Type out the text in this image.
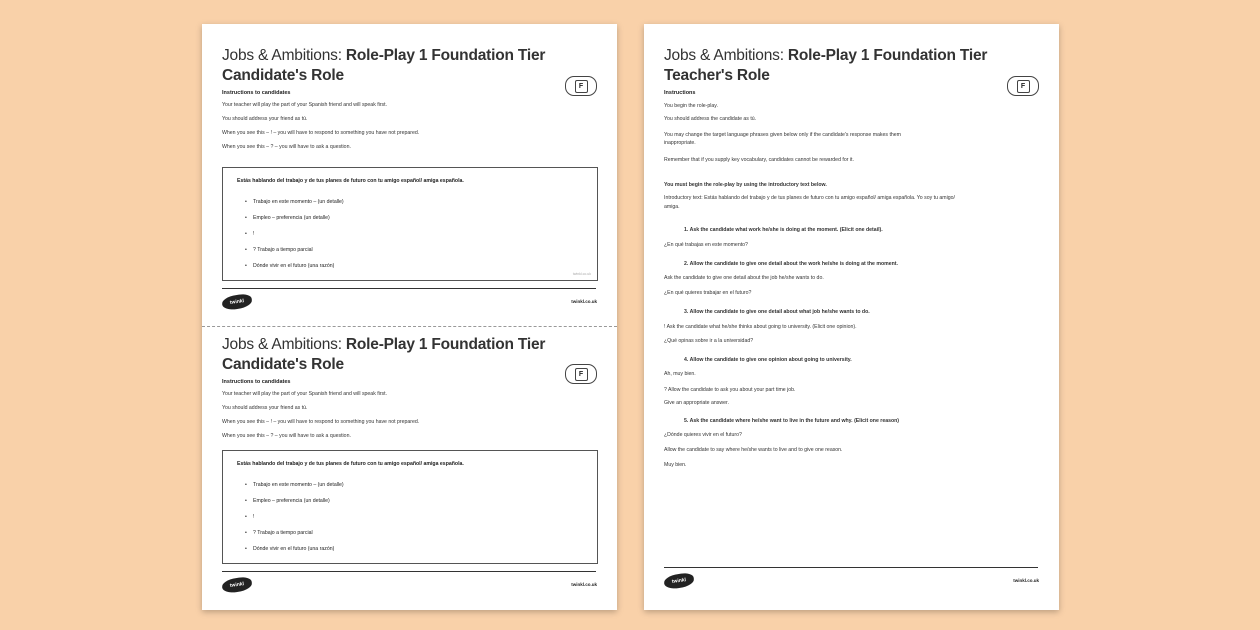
Jobs & Ambitions: Role-Play 1 Foundation Tier
Candidate's Role
F
Instructions to candidates
Your teacher will play the part of your Spanish friend and will speak first.
You should address your friend as tú.
When you see this – ! – you will have to respond to something you have not prepared.
When you see this – ? – you will have to ask a question.
Estás hablando del trabajo y de tus planes de futuro con tu amigo español/ amiga española.
• Trabajo en este momento – (un detalle)
• Empleo – preferencia (un detalle)
• !
• ? Trabajo a tiempo parcial
• Dónde vivir en el futuro (una razón)
twinkl.co.uk
twinkl	twinkl.co.uk
Jobs & Ambitions: Role-Play 1 Foundation Tier
Candidate's Role
F
Instructions to candidates
Your teacher will play the part of your Spanish friend and will speak first.
You should address your friend as tú.
When you see this – ! – you will have to respond to something you have not prepared.
When you see this – ? – you will have to ask a question.
Estás hablando del trabajo y de tus planes de futuro con tu amigo español/ amiga española.
• Trabajo en este momento – (un detalle)
• Empleo – preferencia (un detalle)
• !
• ? Trabajo a tiempo parcial
• Dónde vivir en el futuro (una razón)
twinkl	twinkl.co.uk
Jobs & Ambitions: Role-Play 1 Foundation Tier
Teacher's Role
F
Instructions
You begin the role-play.
You should address the candidate as tú.
You may change the target language phrases given below only if the candidate's response makes them
inappropriate.
Remember that if you supply key vocabulary, candidates cannot be rewarded for it.
You must begin the role-play by using the introductory text below.
Introductory text: Estás hablando del trabajo y de tus planes de futuro con tu amigo español/ amiga española. Yo soy tu amigo/
amiga.
1. Ask the candidate what work he/she is doing at the moment. (Elicit one detail).
¿En qué trabajas en este momento?
2. Allow the candidate to give one detail about the work he/she is doing at the moment.
Ask the candidate to give one detail about the job he/she wants to do.
¿En qué quieres trabajar en el futuro?
3. Allow the candidate to give one detail about what job he/she wants to do.
! Ask the candidate what he/she thinks about going to university. (Elicit one opinion).
¿Qué opinas sobre ir a la universidad?
4. Allow the candidate to give one opinion about going to university.
Ah, muy bien.
? Allow the candidate to ask you about your part time job.
Give an appropriate answer.
5. Ask the candidate where he/she want to live in the future and why. (Elicit one reason)
¿Dónde quieres vivir en el futuro?
Allow the candidate to say where he/she wants to live and to give one reason.
Muy bien.
twinkl	twinkl.co.uk
